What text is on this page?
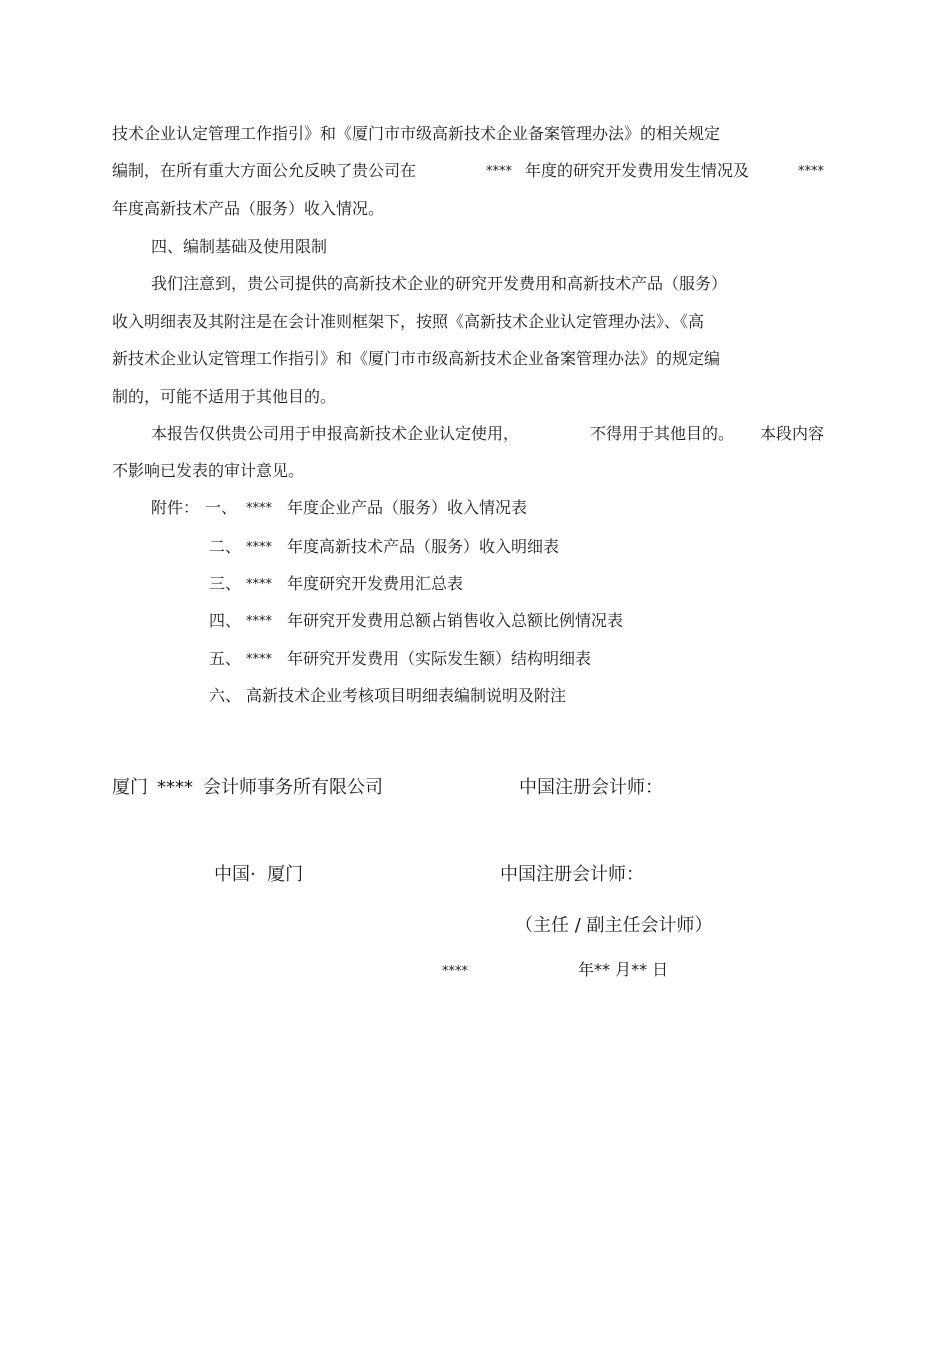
技术企业认定管理工作指引》和《厦门市市级高新技术企业备案管理办法》的相关规定
编制，在所有重大方面公允反映了贵公司在	**** 年度的研究开发费用发生情况及	****
年度高新技术产品（服务）收入情况。
四、编制基础及使用限制
我们注意到，贵公司提供的高新技术企业的研究开发费用和高新技术产品（服务）
收入明细表及其附注是在会计准则框架下，按照《高新技术企业认定管理办法》、《高
新技术企业认定管理工作指引》和《厦门市市级高新技术企业备案管理办法》的规定编
制的，可能不适用于其他目的。
本报告仅供贵公司用于申报高新技术企业认定使用，	不得用于其他目的。 本段内容
不影响已发表的审计意见。
附件： 一、 **** 年度企业产品（服务）收入情况表
二、 **** 年度高新技术产品（服务）收入明细表
三、 **** 年度研究开发费用汇总表
四、 **** 年研究开发费用总额占销售收入总额比例情况表
五、 **** 年研究开发费用（实际发生额）结构明细表
六、 高新技术企业考核项目明细表编制说明及附注
厦门 **** 会计师事务所有限公司	中国注册会计师：
中国·  厦门	中国注册会计师：
（主任 / 副主任会计师）
****	年** 月** 日
